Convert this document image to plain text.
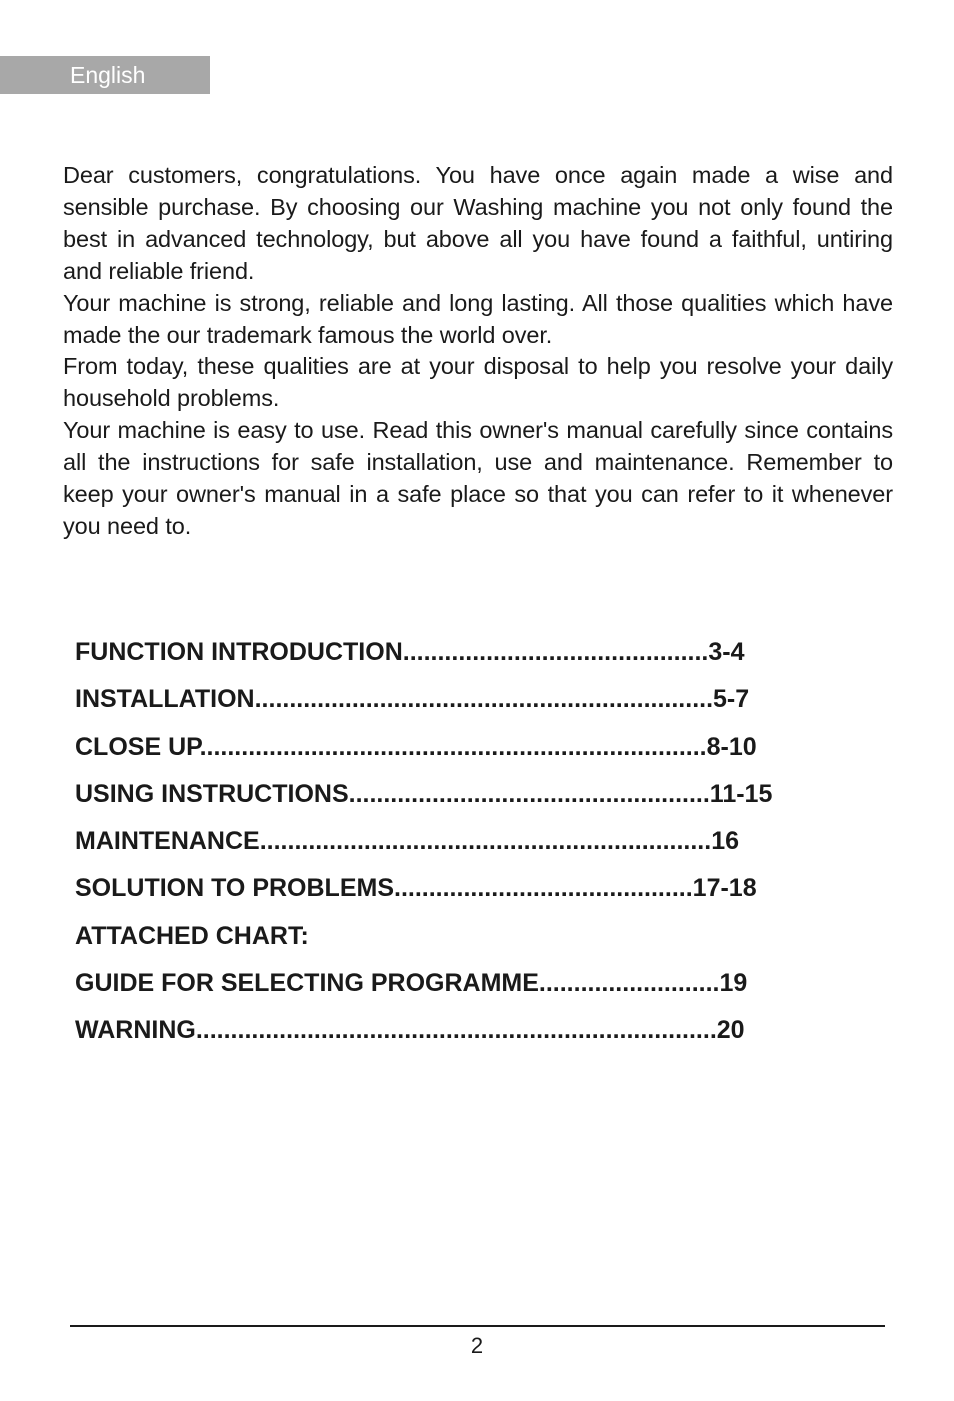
English

Dear customers, congratulations. You have once again made a wise and sensible purchase. By choosing our Washing machine you not only found the best in advanced technology, but above all you have found a faithful, untiring and reliable friend.

Your machine is strong, reliable and long lasting. All those qualities which have made the our trademark famous the world over.

From today, these qualities are at your disposal to help you resolve your daily household problems.

Your machine is easy to use. Read this owner's manual carefully since contains all the instructions for safe installation, use and maintenance. Remember to keep your owner's manual in a safe place so that you can refer to it whenever you need to.

FUNCTION INTRODUCTION............................................3-4
INSTALLATION..................................................................5-7
CLOSE UP.........................................................................8-10
USING INSTRUCTIONS....................................................11-15
MAINTENANCE.................................................................16
SOLUTION TO PROBLEMS...........................................17-18
ATTACHED CHART:
GUIDE FOR SELECTING PROGRAMME..........................19
WARNING...........................................................................20
2
